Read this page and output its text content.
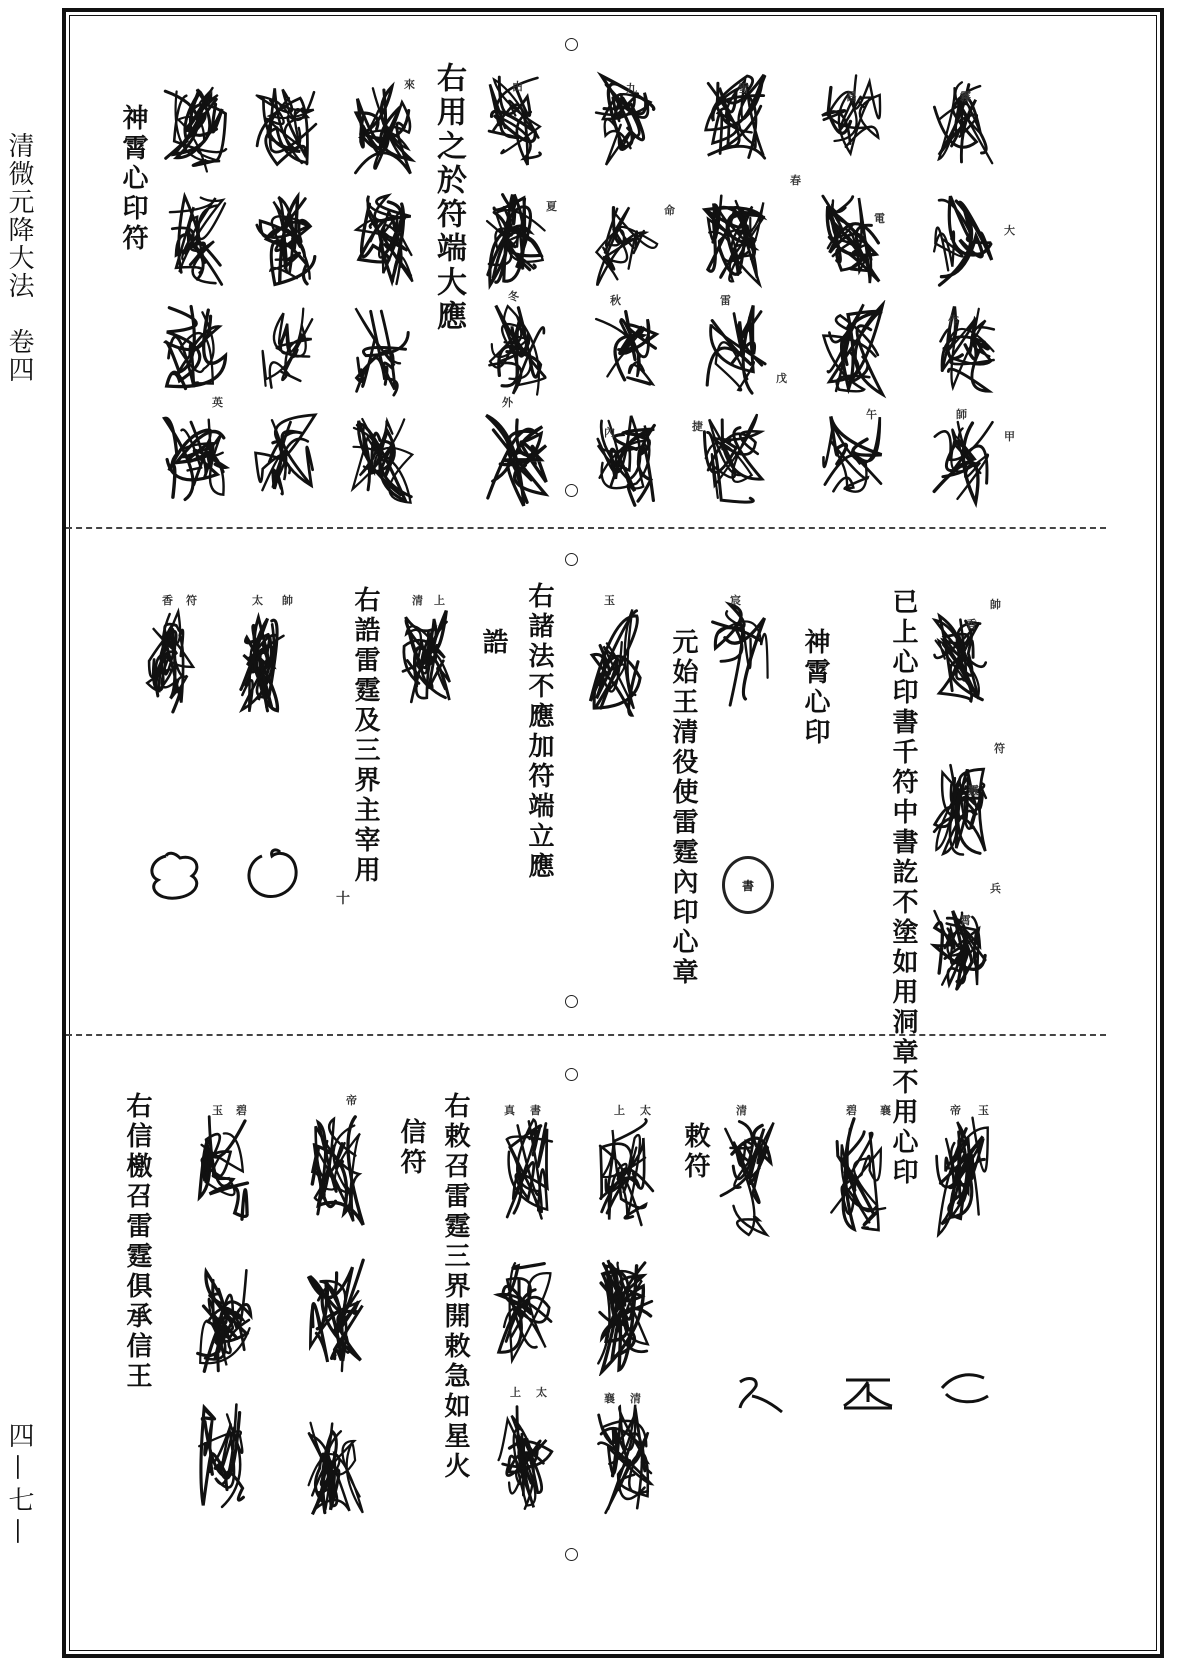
清微元降大法　卷四
四—七—
右用之於符端大應
神霄心印符
已上心印書千符中書訖不塗如用洞章不用心印
神霄心印
元始王清役使雷霆內印心章
右諸法不應加符端立應
誥
右誥雷霆及三界主宰用	書
十
敕符
右敕召雷霆三界開敕急如星火
信符
右信檄召雷霆俱承信王
霧
大
昌
電
作
雪
春
九
命
雷
秋
戊
由
夏
冬
內
來
捷
外
師
午
甲
英
帥
香
符
靈
兵
霄
宸
玉
清 上
太 帥
香 符
帝 玉
碧 襄
清
上 太
真 書
帝
玉 碧
襄 清
上 太
